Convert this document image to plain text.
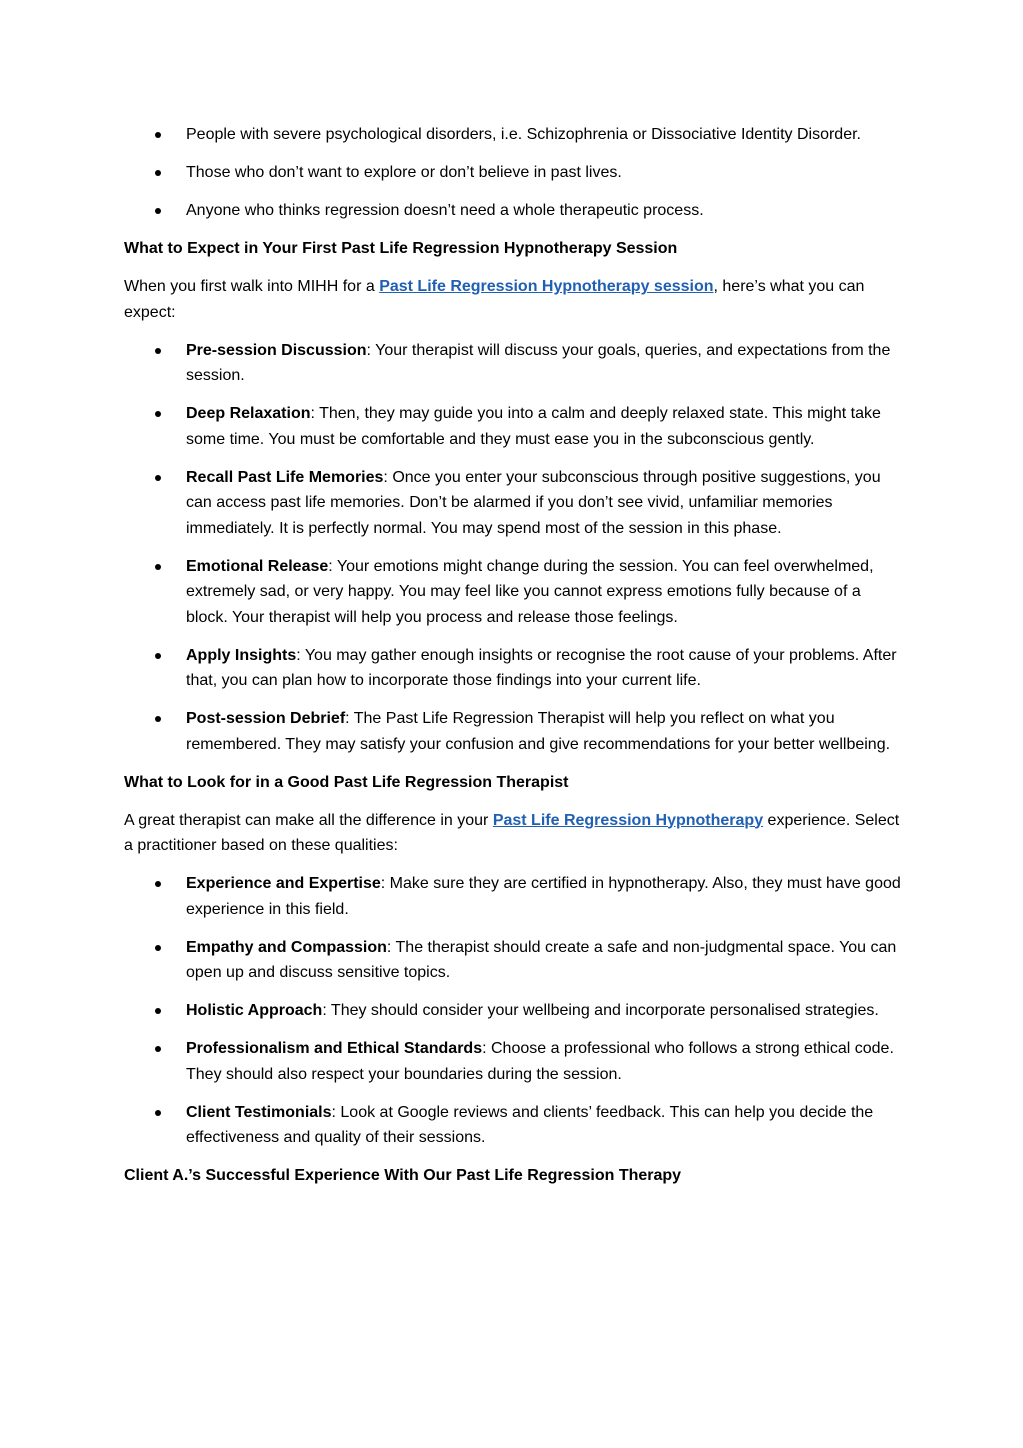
People with severe psychological disorders, i.e. Schizophrenia or Dissociative Identity Disorder.
Those who don’t want to explore or don’t believe in past lives.
Anyone who thinks regression doesn’t need a whole therapeutic process.
What to Expect in Your First Past Life Regression Hypnotherapy Session
When you first walk into MIHH for a Past Life Regression Hypnotherapy session, here’s what you can expect:
Pre-session Discussion: Your therapist will discuss your goals, queries, and expectations from the session.
Deep Relaxation: Then, they may guide you into a calm and deeply relaxed state. This might take some time. You must be comfortable and they must ease you in the subconscious gently.
Recall Past Life Memories: Once you enter your subconscious through positive suggestions, you can access past life memories. Don’t be alarmed if you don’t see vivid, unfamiliar memories immediately. It is perfectly normal. You may spend most of the session in this phase.
Emotional Release: Your emotions might change during the session. You can feel overwhelmed, extremely sad, or very happy. You may feel like you cannot express emotions fully because of a block. Your therapist will help you process and release those feelings.
Apply Insights: You may gather enough insights or recognise the root cause of your problems. After that, you can plan how to incorporate those findings into your current life.
Post-session Debrief: The Past Life Regression Therapist will help you reflect on what you remembered. They may satisfy your confusion and give recommendations for your better wellbeing.
What to Look for in a Good Past Life Regression Therapist
A great therapist can make all the difference in your Past Life Regression Hypnotherapy experience. Select a practitioner based on these qualities:
Experience and Expertise: Make sure they are certified in hypnotherapy. Also, they must have good experience in this field.
Empathy and Compassion: The therapist should create a safe and non-judgmental space. You can open up and discuss sensitive topics.
Holistic Approach: They should consider your wellbeing and incorporate personalised strategies.
Professionalism and Ethical Standards: Choose a professional who follows a strong ethical code. They should also respect your boundaries during the session.
Client Testimonials: Look at Google reviews and clients’ feedback. This can help you decide the effectiveness and quality of their sessions.
Client A.’s Successful Experience With Our Past Life Regression Therapy
